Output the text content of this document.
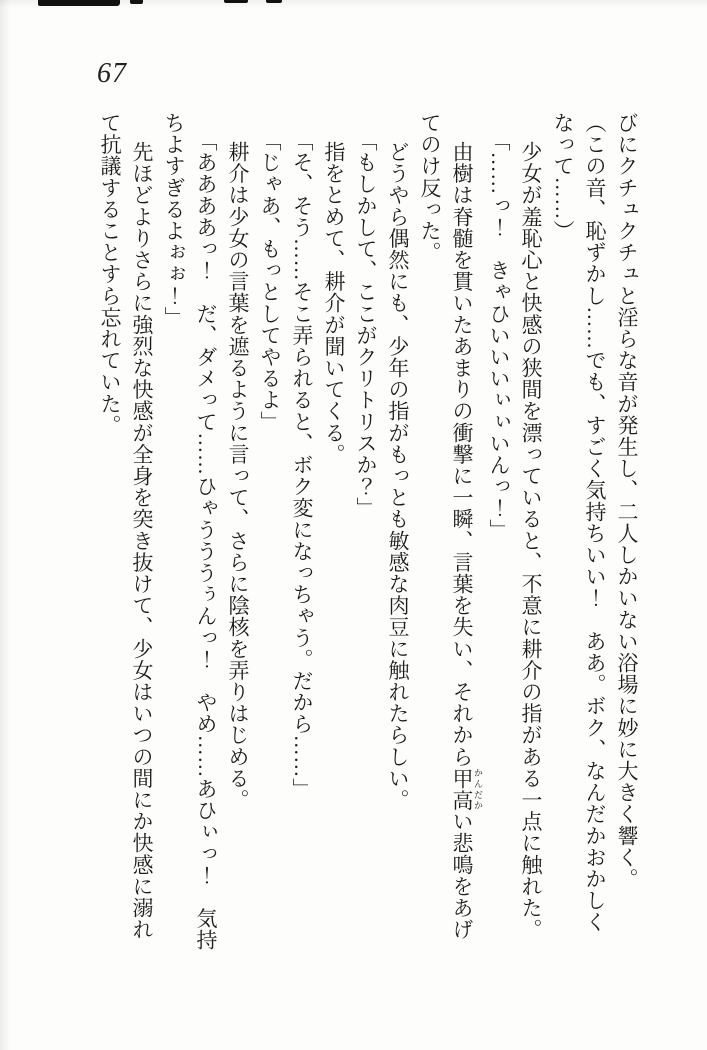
67

びにクチュクチュと淫らな音が発生し、二人しかいない浴場に妙に大きく響く。

（この音、恥ずかし……でも、すごく気持ちいい！　ああ。ボク、なんだかおかしく

なって……）

少女が羞恥心と快感の狭間を漂っていると、不意に耕介の指がある一点に触れた。

「……っ！　きゃひいいいぃぃいんっ！」

由樹は脊髄を貫いたあまりの衝撃に一瞬、言葉を失い、それから甲高 かんだかい悲鳴をあげ

てのけ反った。

どうやら偶然にも、少年の指がもっとも敏感な肉豆に触れたらしい。

「もしかして、ここがクリトリスか？」

指をとめて、耕介が聞いてくる。

「そ、そう……そこ弄られると、ボク変になっちゃう。だから……」

「じゃあ、もっとしてやるよ」

耕介は少女の言葉を遮るように言って、さらに陰核を弄りはじめる。

「ああああっ！　だ、ダメって……ひゃうううぅんっ！　やめ……あひぃっ！　気持

ちよすぎるよぉぉ！」

先ほどよりさらに強烈な快感が全身を突き抜けて、少女はいつの間にか快感に溺れ

て抗議することすら忘れていた。
